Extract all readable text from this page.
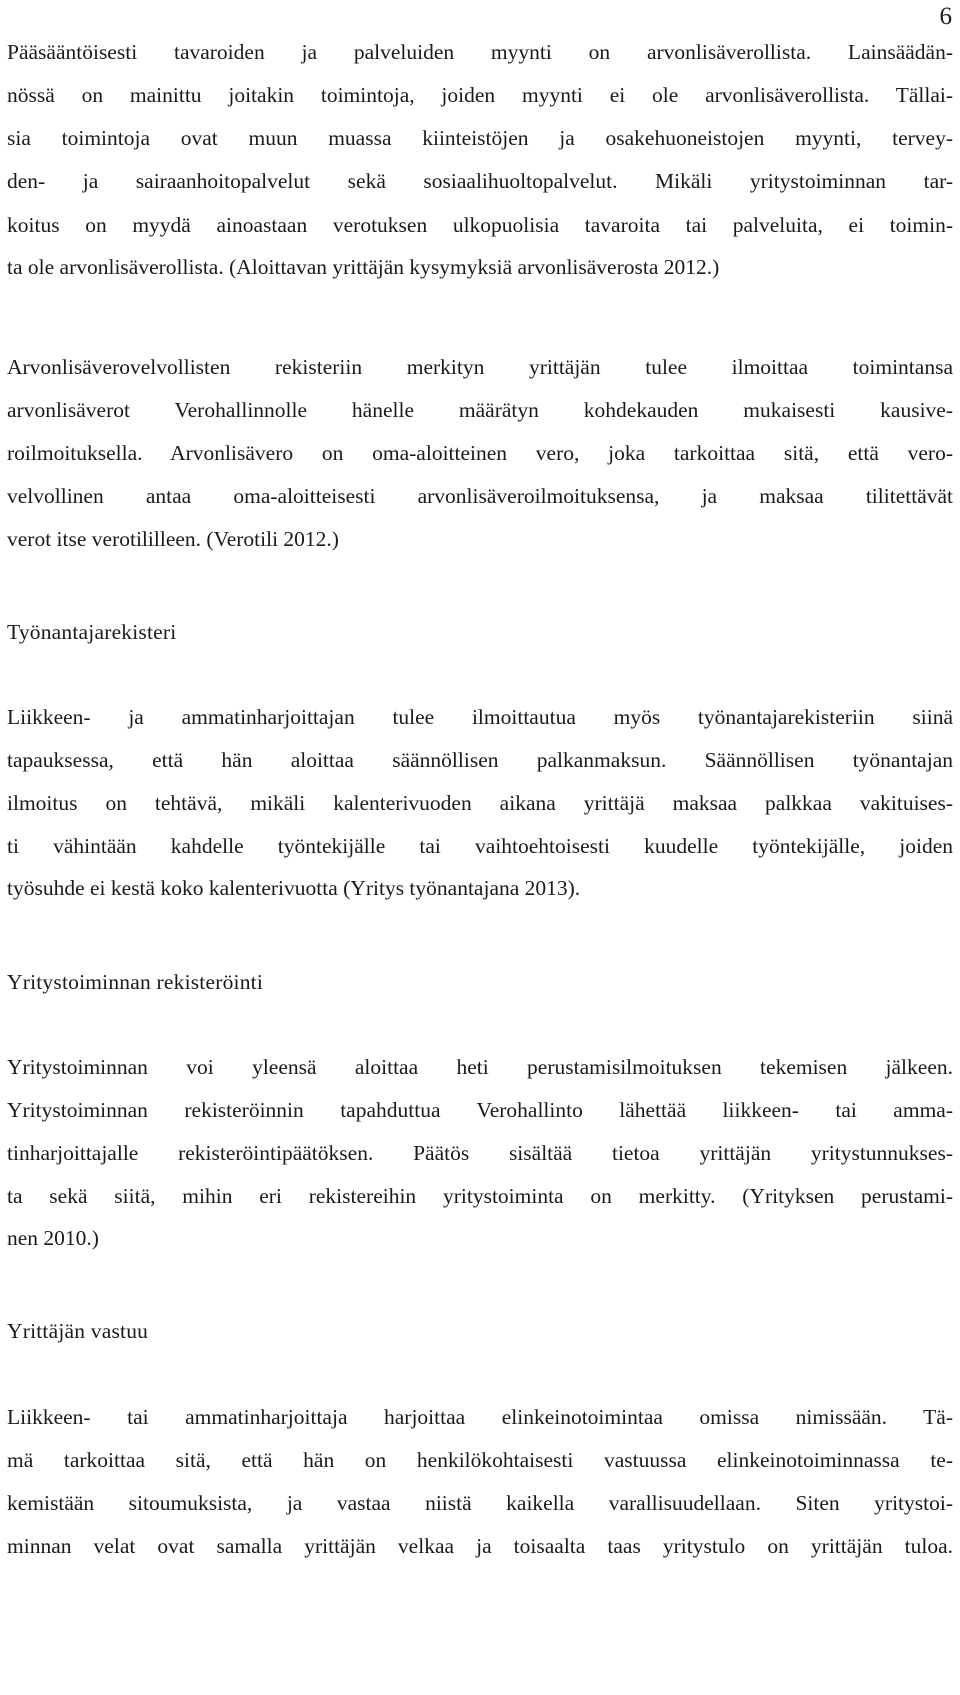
6
Pääsääntöisesti tavaroiden ja palveluiden myynti on arvonlisäverollista. Lainsäädän-
nössä on mainittu joitakin toimintoja, joiden myynti ei ole arvonlisäverollista. Tällai-
sia toimintoja ovat muun muassa kiinteistöjen ja osakehuoneistojen myynti, tervey-
den- ja sairaanhoitopalvelut sekä sosiaalihuoltopalvelut. Mikäli yritystoiminnan tar-
koitus on myydä ainoastaan verotuksen ulkopuolisia tavaroita tai palveluita, ei toimin-
ta ole arvonlisäverollista. (Aloittavan yrittäjän kysymyksiä arvonlisäverosta 2012.)
Arvonlisäverovelvollisten rekisteriin merkityn yrittäjän tulee ilmoittaa toimintansa
arvonlisäverot Verohallinnolle hänelle määrätyn kohdekauden mukaisesti kausive-
roilmoituksella. Arvonlisävero on oma-aloitteinen vero, joka tarkoittaa sitä, että vero-
velvollinen antaa oma-aloitteisesti arvonlisäveroilmoituksensa, ja maksaa tilitettävät
verot itse verotililleen. (Verotili 2012.)
Työnantajarekisteri
Liikkeen- ja ammatinharjoittajan tulee ilmoittautua myös työnantajarekisteriin siinä
tapauksessa, että hän aloittaa säännöllisen palkanmaksun. Säännöllisen työnantajan
ilmoitus on tehtävä, mikäli kalenterivuoden aikana yrittäjä maksaa palkkaa vakituises-
ti vähintään kahdelle työntekijälle tai vaihtoehtoisesti kuudelle työntekijälle, joiden
työsuhde ei kestä koko kalenterivuotta (Yritys työnantajana 2013).
Yritystoiminnan rekisteröinti
Yritystoiminnan voi yleensä aloittaa heti perustamisilmoituksen tekemisen jälkeen.
Yritystoiminnan rekisteröinnin tapahduttua Verohallinto lähettää liikkeen- tai amma-
tinharjoittajalle rekisteröintipäätöksen. Päätös sisältää tietoa yrittäjän yritystunnukses-
ta sekä siitä, mihin eri rekistereihin yritystoiminta on merkitty. (Yrityksen perustami-
nen 2010.)
Yrittäjän vastuu
Liikkeen- tai ammatinharjoittaja harjoittaa elinkeinotoimintaa omissa nimissään. Tä-
mä tarkoittaa sitä, että hän on henkilökohtaisesti vastuussa elinkeinotoiminnassa te-
kemistään sitoumuksista, ja vastaa niistä kaikella varallisuudellaan. Siten yritystoi-
minnan velat ovat samalla yrittäjän velkaa ja toisaalta taas yritystulo on yrittäjän tuloa.
